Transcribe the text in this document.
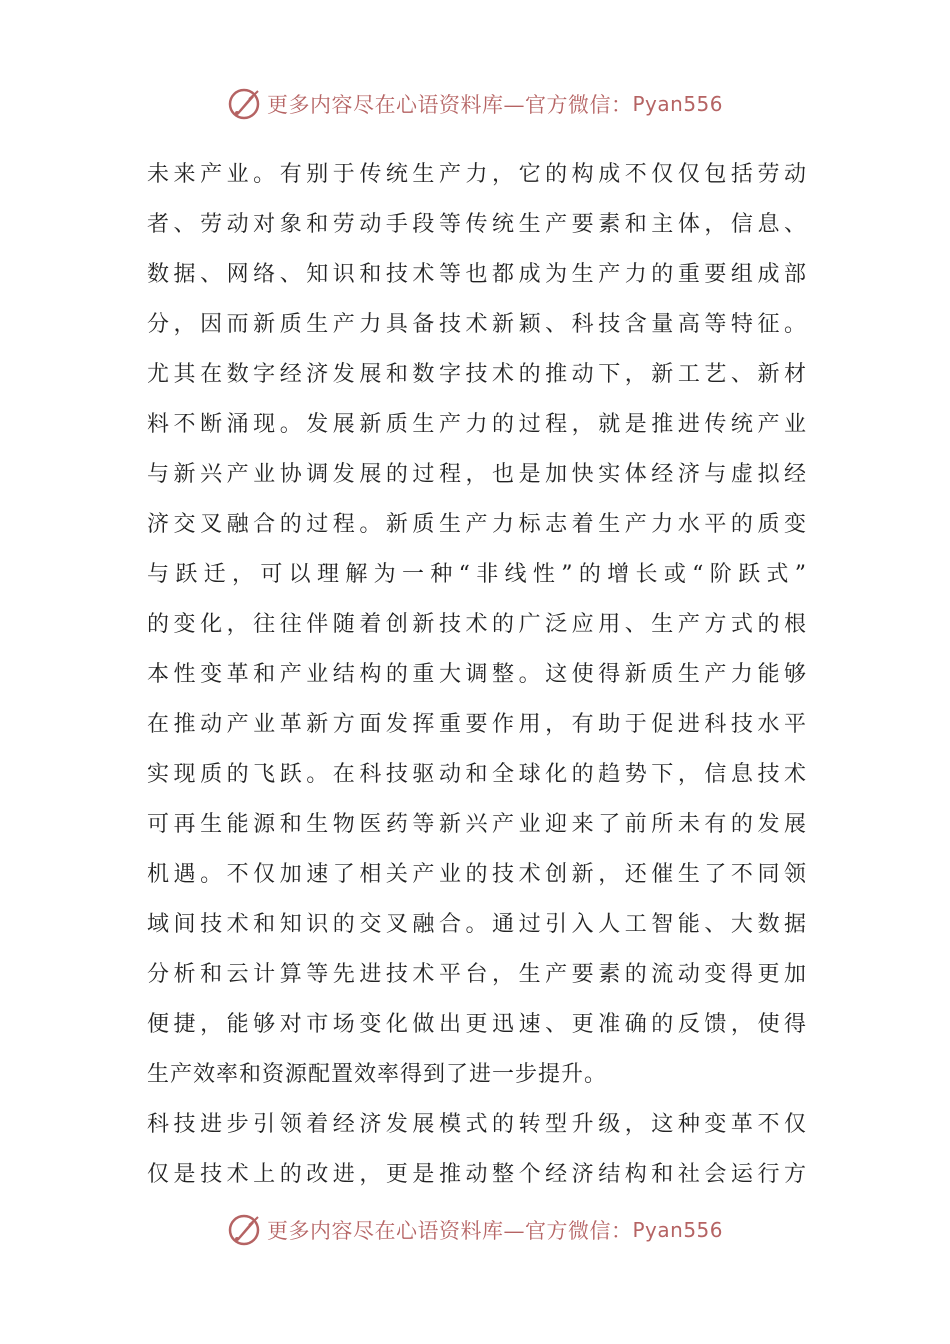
更多内容尽在心语资料库—官方微信： Pyan556
未来产业。有别于传统生产力，它的构成不仅仅包括劳动
者、劳动对象和劳动手段等传统生产要素和主体，信息、
数据、网络、知识和技术等也都成为生产力的重要组成部
分，因而新质生产力具备技术新颖、科技含量高等特征。
尤其在数字经济发展和数字技术的推动下，新工艺、新材
料不断涌现。发展新质生产力的过程，就是推进传统产业
与新兴产业协调发展的过程，也是加快实体经济与虚拟经
济交叉融合的过程。新质生产力标志着生产力水平的质变
与跃迁，可以理解为一种“非线性”的增长或“阶跃式”
的变化，往往伴随着创新技术的广泛应用、生产方式的根
本性变革和产业结构的重大调整。这使得新质生产力能够
在推动产业革新方面发挥重要作用，有助于促进科技水平
实现质的飞跃。在科技驱动和全球化的趋势下，信息技术
可再生能源和生物医药等新兴产业迎来了前所未有的发展
机遇。不仅加速了相关产业的技术创新，还催生了不同领
域间技术和知识的交叉融合。通过引入人工智能、大数据
分析和云计算等先进技术平台，生产要素的流动变得更加
便捷，能够对市场变化做出更迅速、更准确的反馈，使得
生产效率和资源配置效率得到了进一步提升。
科技进步引领着经济发展模式的转型升级，这种变革不仅
仅是技术上的改进，更是推动整个经济结构和社会运行方
更多内容尽在心语资料库—官方微信： Pyan556
